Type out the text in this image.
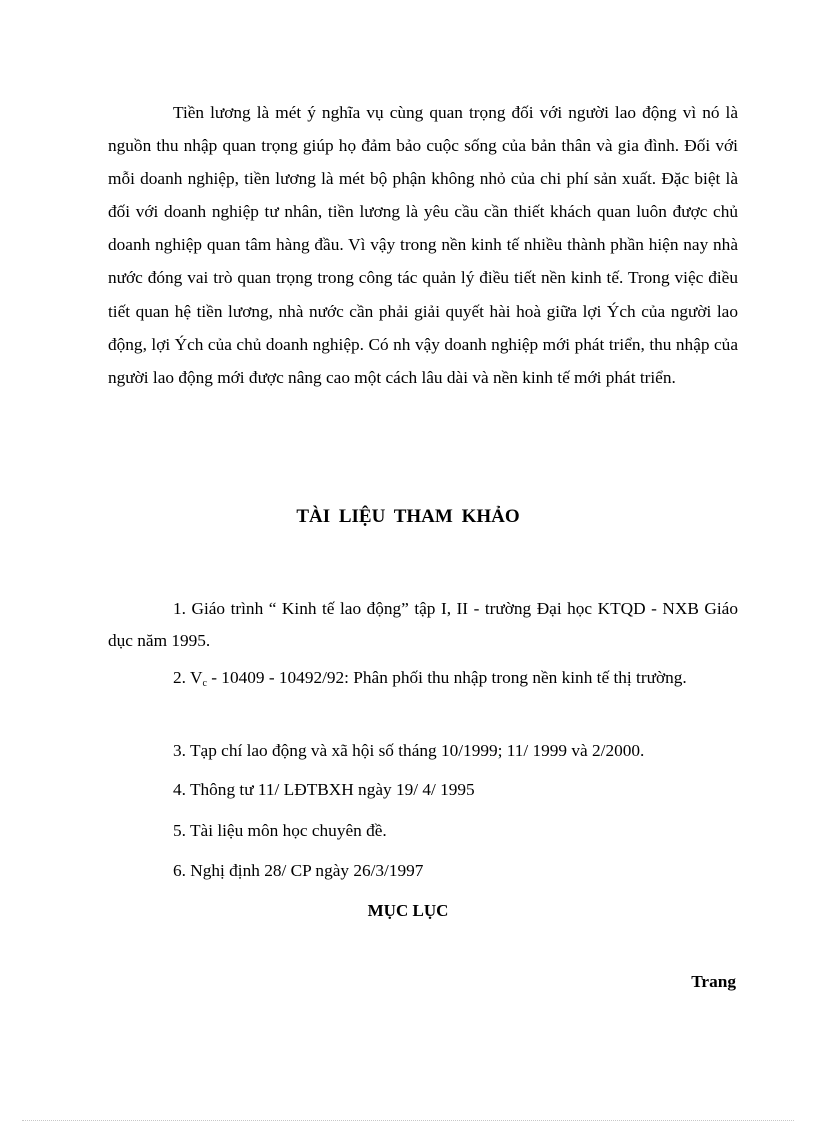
Tiền lương là mét ý nghĩa vụ cùng quan trọng đối với người lao động vì nó là nguồn thu nhập quan trọng giúp họ đảm bảo cuộc sống của bản thân và gia đình. Đối với mỗi doanh nghiệp, tiền lương là mét bộ phận không nhỏ của chi phí sản xuất. Đặc biệt là đối với doanh nghiệp tư nhân, tiền lương là yêu cầu cần thiết khách quan luôn được chủ doanh nghiệp quan tâm hàng đầu. Vì vậy trong nền kinh tế nhiều thành phần hiện nay nhà nước đóng vai trò quan trọng trong công tác quản lý điều tiết nền kinh tế. Trong việc điều tiết quan hệ tiền lương, nhà nước cần phải giải quyết hài hoà giữa lợi Ých của người lao động, lợi Ých của chủ doanh nghiệp. Có nh vậy doanh nghiệp mới phát triển, thu nhập của người lao động mới được nâng cao một cách lâu dài và nền kinh tế mới phát triển.

TÀI LIỆU THAM KHẢO

1. Giáo trình “ Kinh tế lao động” tập I, II - trường Đại học KTQD - NXB Giáo dục năm 1995.

2. $V_c - 10409 - 10492/92$: Phân phối thu nhập trong nền kinh tế thị trường.

3. Tạp chí lao động và xã hội số tháng 10/1999; 11/ 1999 và 2/2000.

4. Thông tư 11/ LĐTBXH ngày 19/ 4/ 1995

5. Tài liệu môn học chuyên đề.

6. Nghị định 28/ CP ngày 26/3/1997

MỤC LỤC

Trang
